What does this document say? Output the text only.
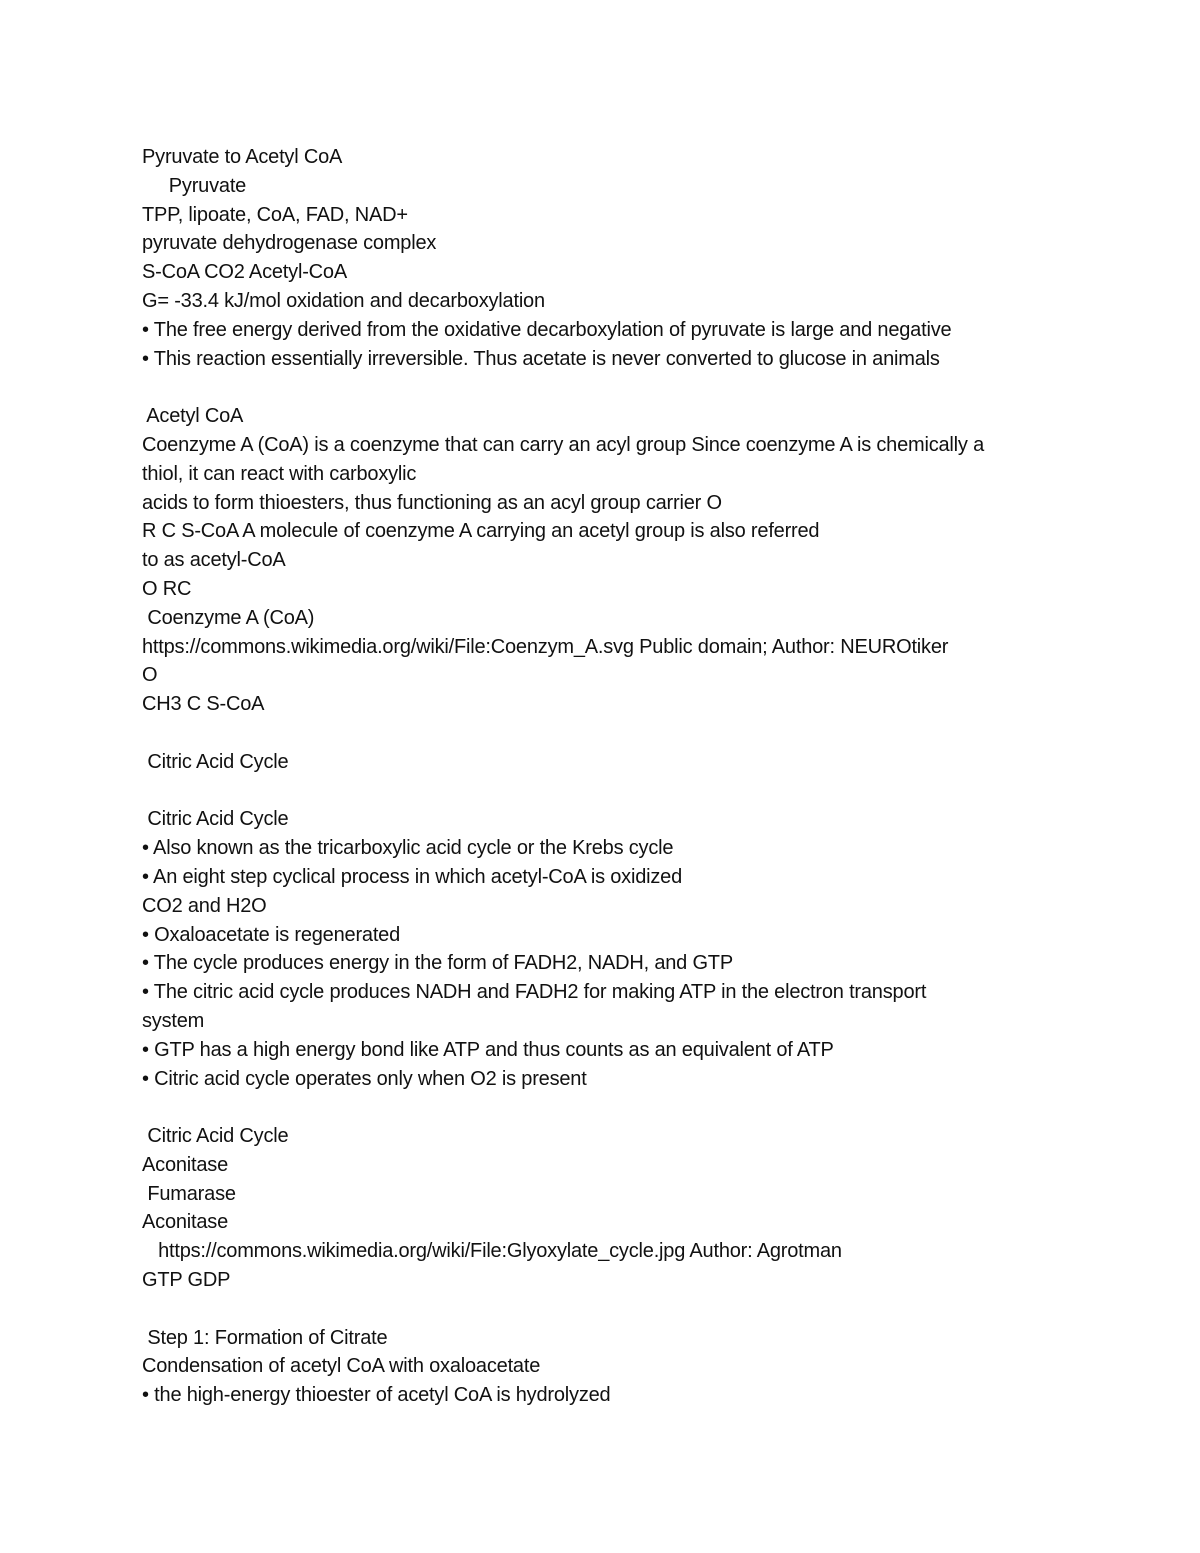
Pyruvate to Acetyl CoA
Pyruvate
TPP, lipoate, CoA, FAD, NAD+
pyruvate dehydrogenase complex
S-CoA CO2 Acetyl-CoA
G= -33.4 kJ/mol oxidation and decarboxylation
• The free energy derived from the oxidative decarboxylation of pyruvate is large and negative
• This reaction essentially irreversible. Thus acetate is never converted to glucose in animals
Acetyl CoA
Coenzyme A (CoA) is a coenzyme that can carry an acyl group Since coenzyme A is chemically a
thiol, it can react with carboxylic
acids to form thioesters, thus functioning as an acyl group carrier O
R C S-CoA A molecule of coenzyme A carrying an acetyl group is also referred
to as acetyl-CoA
O RC
Coenzyme A (CoA)
https://commons.wikimedia.org/wiki/File:Coenzym_A.svg Public domain; Author: NEUROtiker
O
CH3 C S-CoA
Citric Acid Cycle
Citric Acid Cycle
• Also known as the tricarboxylic acid cycle or the Krebs cycle
• An eight step cyclical process in which acetyl-CoA is oxidized
CO2 and H2O
• Oxaloacetate is regenerated
• The cycle produces energy in the form of FADH2, NADH, and GTP
• The citric acid cycle produces NADH and FADH2 for making ATP in the electron transport
system
• GTP has a high energy bond like ATP and thus counts as an equivalent of ATP
• Citric acid cycle operates only when O2 is present
Citric Acid Cycle
Aconitase
Fumarase
Aconitase
https://commons.wikimedia.org/wiki/File:Glyoxylate_cycle.jpg Author: Agrotman
GTP GDP
Step 1: Formation of Citrate
Condensation of acetyl CoA with oxaloacetate
• the high-energy thioester of acetyl CoA is hydrolyzed
